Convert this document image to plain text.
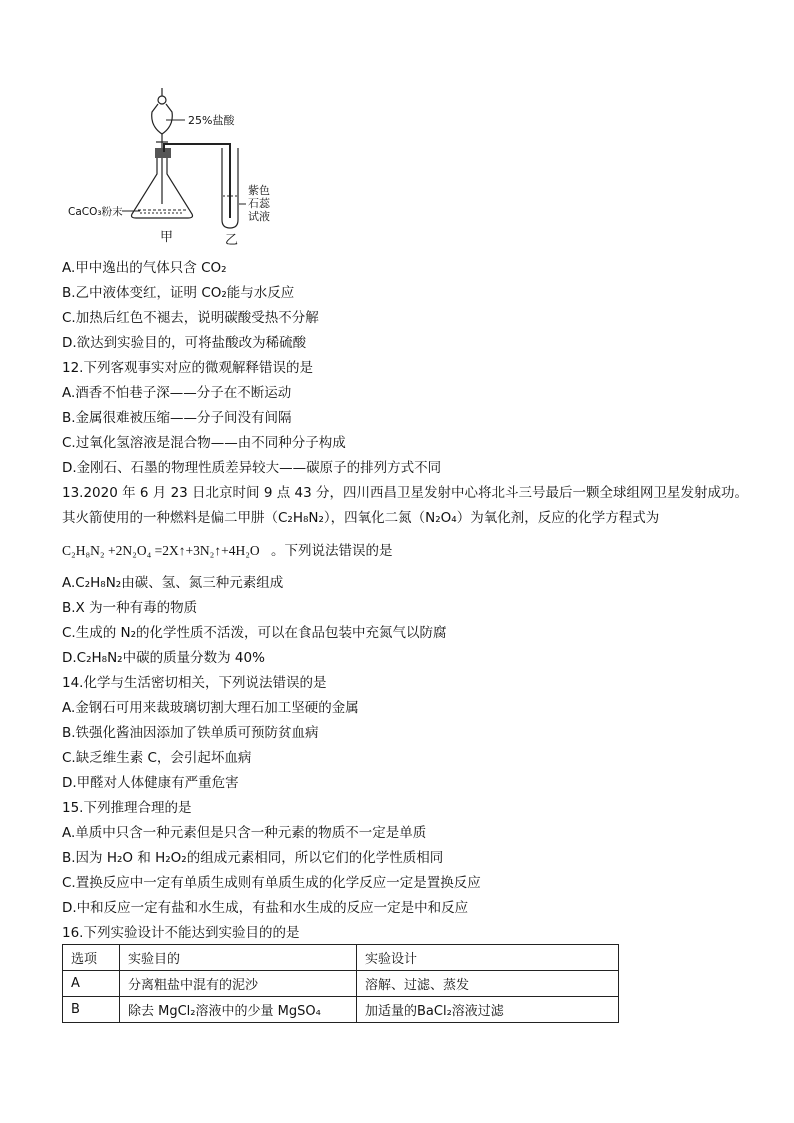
25%盐酸
CaCO₃粉末
甲	乙
紫色
石蕊
试液
A.甲中逸出的气体只含 CO₂
B.乙中液体变红，证明 CO₂能与水反应
C.加热后红色不褪去，说明碳酸受热不分解
D.欲达到实验目的，可将盐酸改为稀硫酸
12.下列客观事实对应的微观解释错误的是
A.酒香不怕巷子深——分子在不断运动
B.金属很难被压缩——分子间没有间隔
C.过氧化氢溶液是混合物——由不同种分子构成
D.金刚石、石墨的物理性质差异较大——碳原子的排列方式不同
13.2020 年 6 月 23 日北京时间 9 点 43 分，四川西昌卫星发射中心将北斗三号最后一颗全球组网卫星发射成功。
其火箭使用的一种燃料是偏二甲肼（C₂H₈N₂），四氧化二氮（N₂O₄）为氧化剂，反应的化学方程式为
C₂H₈N₂ +2N₂O₄ =2X↑+3N₂↑+4H₂O 。下列说法错误的是
A.C₂H₈N₂由碳、氢、氮三种元素组成
B.X 为一种有毒的物质
C.生成的 N₂的化学性质不活泼，可以在食品包装中充氮气以防腐
D.C₂H₈N₂中碳的质量分数为 40%
14.化学与生活密切相关，下列说法错误的是
A.金钢石可用来裁玻璃切割大理石加工坚硬的金属
B.铁强化酱油因添加了铁单质可预防贫血病
C.缺乏维生素 C，会引起坏血病
D.甲醛对人体健康有严重危害
15.下列推理合理的是
A.单质中只含一种元素但是只含一种元素的物质不一定是单质
B.因为 H₂O 和 H₂O₂的组成元素相同，所以它们的化学性质相同
C.置换反应中一定有单质生成则有单质生成的化学反应一定是置换反应
D.中和反应一定有盐和水生成，有盐和水生成的反应一定是中和反应
16.下列实验设计不能达到实验目的的是
选项	实验目的	实验设计
A	分离粗盐中混有的泥沙	溶解、过滤、蒸发
B	除去 MgCl₂溶液中的少量 MgSO₄	加适量的BaCl₂溶液过滤
